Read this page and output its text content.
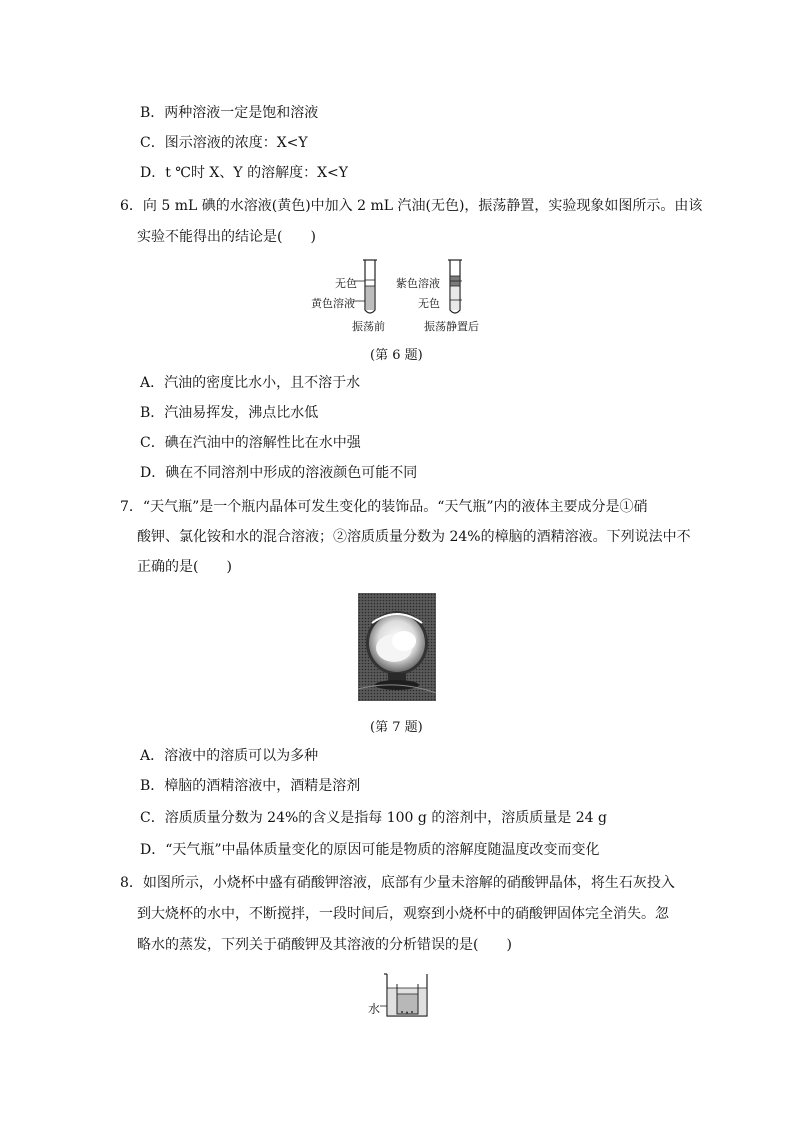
B．两种溶液一定是饱和溶液
C．图示溶液的浓度：X<Y
D．t ℃时 X、Y 的溶解度：X<Y
6．向 5 mL 碘的水溶液(黄色)中加入 2 mL 汽油(无色)，振荡静置，实验现象如图所示。由该
实验不能得出的结论是(　　)
无色
黄色溶液
振荡前
紫色溶液
无色
振荡静置后
(第 6 题)
A．汽油的密度比水小，且不溶于水
B．汽油易挥发，沸点比水低
C．碘在汽油中的溶解性比在水中强
D．碘在不同溶剂中形成的溶液颜色可能不同
7．“天气瓶”是一个瓶内晶体可发生变化的装饰品。“天气瓶”内的液体主要成分是①硝
酸钾、氯化铵和水的混合溶液；②溶质质量分数为 24%的樟脑的酒精溶液。下列说法中不
正确的是(　　)
(第 7 题)
A．溶液中的溶质可以为多种
B．樟脑的酒精溶液中，酒精是溶剂
C．溶质质量分数为 24%的含义是指每 100 g 的溶剂中，溶质质量是 24 g
D．“天气瓶”中晶体质量变化的原因可能是物质的溶解度随温度改变而变化
8．如图所示，小烧杯中盛有硝酸钾溶液，底部有少量未溶解的硝酸钾晶体，将生石灰投入
到大烧杯的水中，不断搅拌，一段时间后，观察到小烧杯中的硝酸钾固体完全消失。忽
略水的蒸发，下列关于硝酸钾及其溶液的分析错误的是(　　)
水
